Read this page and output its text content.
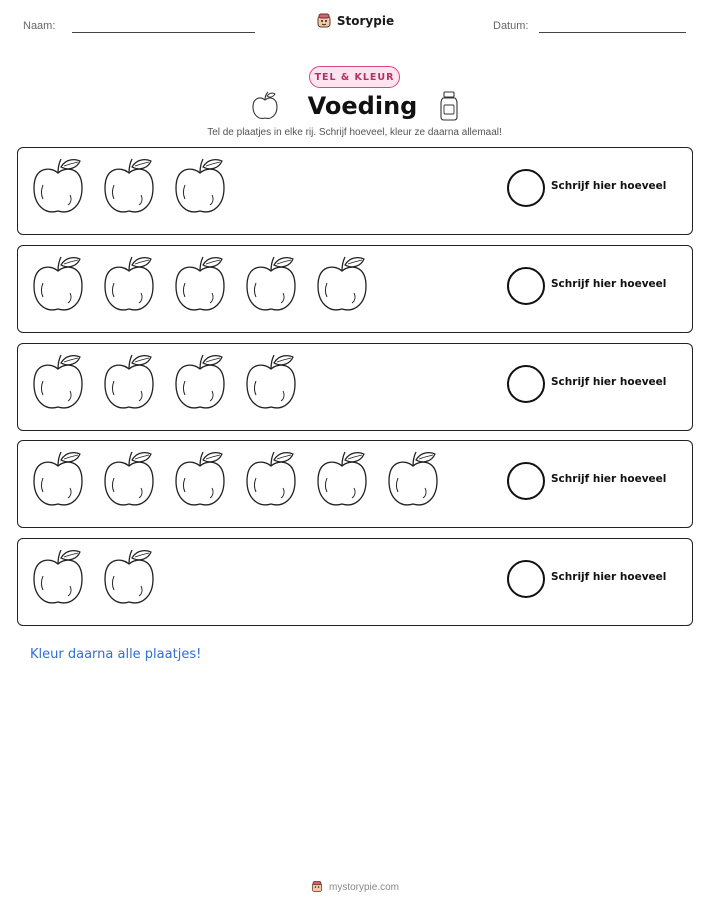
Naam:	Storypie	Datum:
TEL & KLEUR
Voeding
Tel de plaatjes in elke rij. Schrijf hoeveel, kleur ze daarna allemaal!
Schrijf hier hoeveel
Schrijf hier hoeveel
Schrijf hier hoeveel
Schrijf hier hoeveel
Schrijf hier hoeveel
Kleur daarna alle plaatjes!
mystorypie.com
